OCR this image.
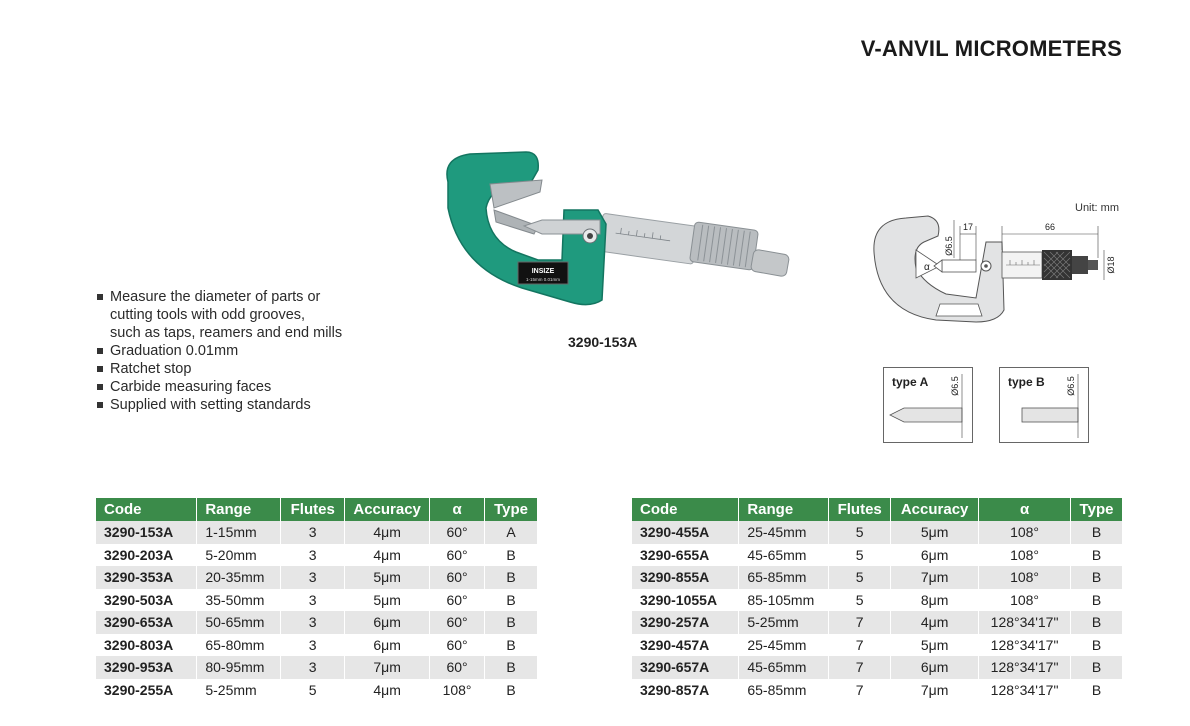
V-ANVIL MICROMETERS
INSIZE
1-15mm 0.01mm
3290-153A
Measure the diameter of parts or
cutting tools with odd grooves,
such as taps, reamers and end mills
Graduation 0.01mm
Ratchet stop
Carbide measuring faces
Supplied with setting standards
Unit: mm
17	66
Ø6.5
Ø18
α
type A Ø6.5	type B Ø6.5
Code	Range	Flutes	Accuracy	α	Type
3290-153A	1-15mm	3	4μm	60°	A
3290-203A	5-20mm	3	4μm	60°	B
3290-353A	20-35mm	3	5μm	60°	B
3290-503A	35-50mm	3	5μm	60°	B
3290-653A	50-65mm	3	6μm	60°	B
3290-803A	65-80mm	3	6μm	60°	B
3290-953A	80-95mm	3	7μm	60°	B
3290-255A	5-25mm	5	4μm	108°	B
Code	Range	Flutes	Accuracy	α	Type
3290-455A	25-45mm	5	5μm	108°	B
3290-655A	45-65mm	5	6μm	108°	B
3290-855A	65-85mm	5	7μm	108°	B
3290-1055A	85-105mm	5	8μm	108°	B
3290-257A	5-25mm	7	4μm	128°34'17"	B
3290-457A	25-45mm	7	5μm	128°34'17"	B
3290-657A	45-65mm	7	6μm	128°34'17"	B
3290-857A	65-85mm	7	7μm	128°34'17"	B
